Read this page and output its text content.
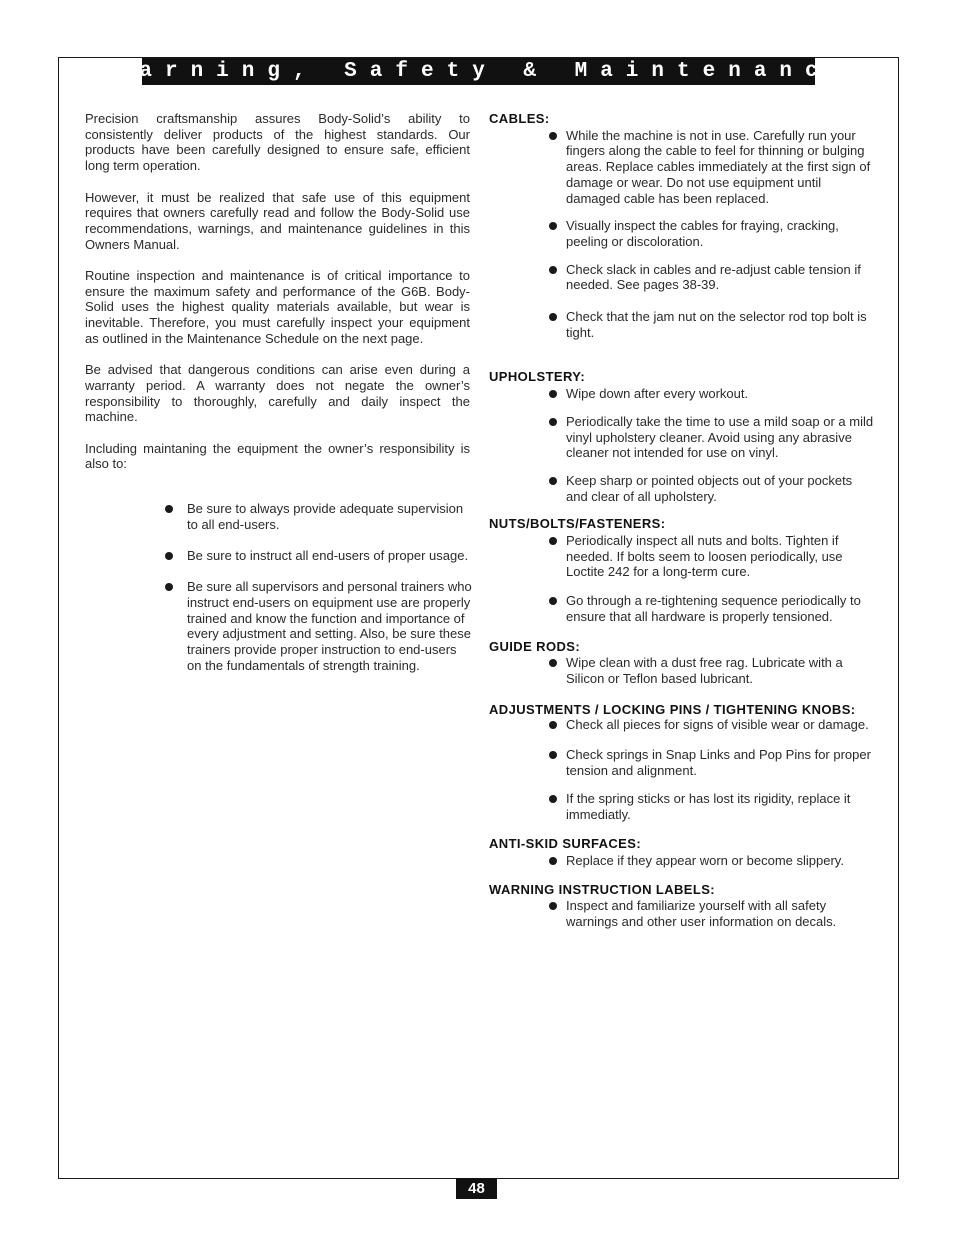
Warning, Safety & Maintenance

Precision craftsmanship assures Body-Solid’s ability to consistently deliver products of the highest standards. Our products have been carefully designed to ensure safe, efficient long term operation.

However, it must be realized that safe use of this equipment requires that owners carefully read and follow the Body-Solid use recommendations, warnings, and maintenance guidelines in this Owners Manual.

Routine inspection and maintenance is of critical importance to ensure the maximum safety and performance of the G6B. Body-Solid uses the highest quality materials available, but wear is inevitable. Therefore, you must carefully inspect your equipment as outlined in the Maintenance Schedule on the next page.

Be advised that dangerous conditions can arise even during a warranty period. A warranty does not negate the owner’s responsibility to thoroughly, carefully and daily inspect the machine.

Including maintaning the equipment the owner’s responsibility is also to:

Be sure to always provide adequate supervision to all end-users.
Be sure to instruct all end-users of proper usage.
Be sure all supervisors and personal trainers who instruct end-users on equipment use are properly trained and know the function and importance of every adjustment and setting. Also, be sure these trainers provide proper instruction to end-users on the fundamentals of strength training.
CABLES:
While the machine is not in use. Carefully run your fingers along the cable to feel for thinning or bulging areas. Replace cables immediately at the first sign of damage or wear. Do not use equipment until damaged cable has been replaced.
Visually inspect the cables for fraying, cracking, peeling or discoloration.
Check slack in cables and re-adjust cable tension if needed. See pages 38-39.
Check that the jam nut on the selector rod top bolt is tight.
UPHOLSTERY:
Wipe down after every workout.
Periodically take the time to use a mild soap or a mild vinyl upholstery cleaner. Avoid using any abrasive cleaner not intended for use on vinyl.
Keep sharp or pointed objects out of your pockets and clear of all upholstery.
NUTS/BOLTS/FASTENERS:
Periodically inspect all nuts and bolts. Tighten if needed. If bolts seem to loosen periodically, use Loctite 242 for a long-term cure.
Go through a re-tightening sequence periodically to ensure that all hardware is properly tensioned.
GUIDE RODS:
Wipe clean with a dust free rag. Lubricate with a Silicon or Teflon based lubricant.
ADJUSTMENTS / LOCKING PINS / TIGHTENING KNOBS:
Check all pieces for signs of visible wear or damage.
Check springs in Snap Links and Pop Pins for proper tension and alignment.
If the spring sticks or has lost its rigidity, replace it immediatly.
ANTI-SKID SURFACES:
Replace if they appear worn or become slippery.
WARNING INSTRUCTION LABELS:
Inspect and familiarize yourself with all safety warnings and other user information on decals.
48
